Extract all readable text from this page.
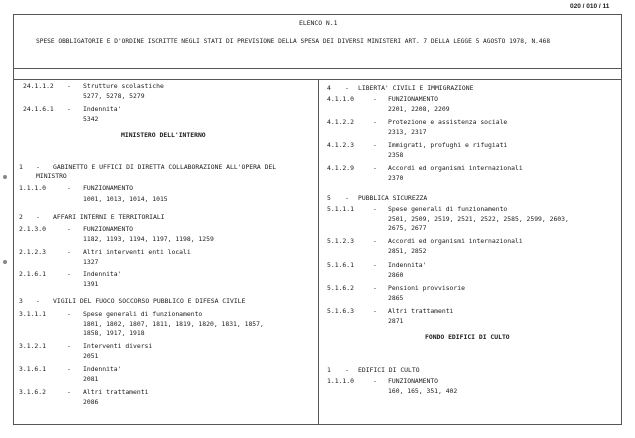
020 / 010 / 11
ELENCO N.1
SPESE OBBLIGATORIE E D'ORDINE ISCRITTE NEGLI STATI DI PREVISIONE DELLA SPESA DEI DIVERSI MINISTERI ART. 7 DELLA LEGGE 5 AGOSTO 1978, N.468
24.1.1.2 - Strutture scolastiche
5277, 5278, 5279
24.1.6.1 - Indennita'
5342
MINISTERO DELL'INTERNO
1 - GABINETTO E UFFICI DI DIRETTA COLLABORAZIONE ALL'OPERA DEL
MINISTRO
1.1.1.0	- FUNZIONAMENTO
1001, 1013, 1014, 1015
2 - AFFARI INTERNI E TERRITORIALI
2.1.3.0	- FUNZIONAMENTO
1182, 1193, 1194, 1197, 1198, 1259
2.1.2.3	- Altri interventi enti locali
1327
2.1.6.1	- Indennita'
1391
3 - VIGILI DEL FUOCO SOCCORSO PUBBLICO E DIFESA CIVILE
3.1.1.1	- Spese generali di funzionamento
1801, 1802, 1807, 1811, 1819, 1820, 1831, 1857,
1858, 1917, 1918
3.1.2.1	- Interventi diversi
2051
3.1.6.1	- Indennita'
2081
3.1.6.2	- Altri trattamenti
2086
4 - LIBERTA' CIVILI E IMMIGRAZIONE
4.1.1.0	- FUNZIONAMENTO
2201, 2208, 2209
4.1.2.2	- Protezione e assistenza sociale
2313, 2317
4.1.2.3	- Immigrati, profughi e rifugiati
2358
4.1.2.9	- Accordi ed organismi internazionali
2370
5 - PUBBLICA SICUREZZA
5.1.1.1	- Spese generali di funzionamento
2501, 2509, 2519, 2521, 2522, 2585, 2599, 2603,
2675, 2677
5.1.2.3	- Accordi ed organismi internazionali
2851, 2852
5.1.6.1	- Indennita'
2860
5.1.6.2	- Pensioni provvisorie
2865
5.1.6.3	- Altri trattamenti
2871
FONDO EDIFICI DI CULTO
1 - EDIFICI DI CULTO
1.1.1.0	- FUNZIONAMENTO
160, 165, 351, 402
